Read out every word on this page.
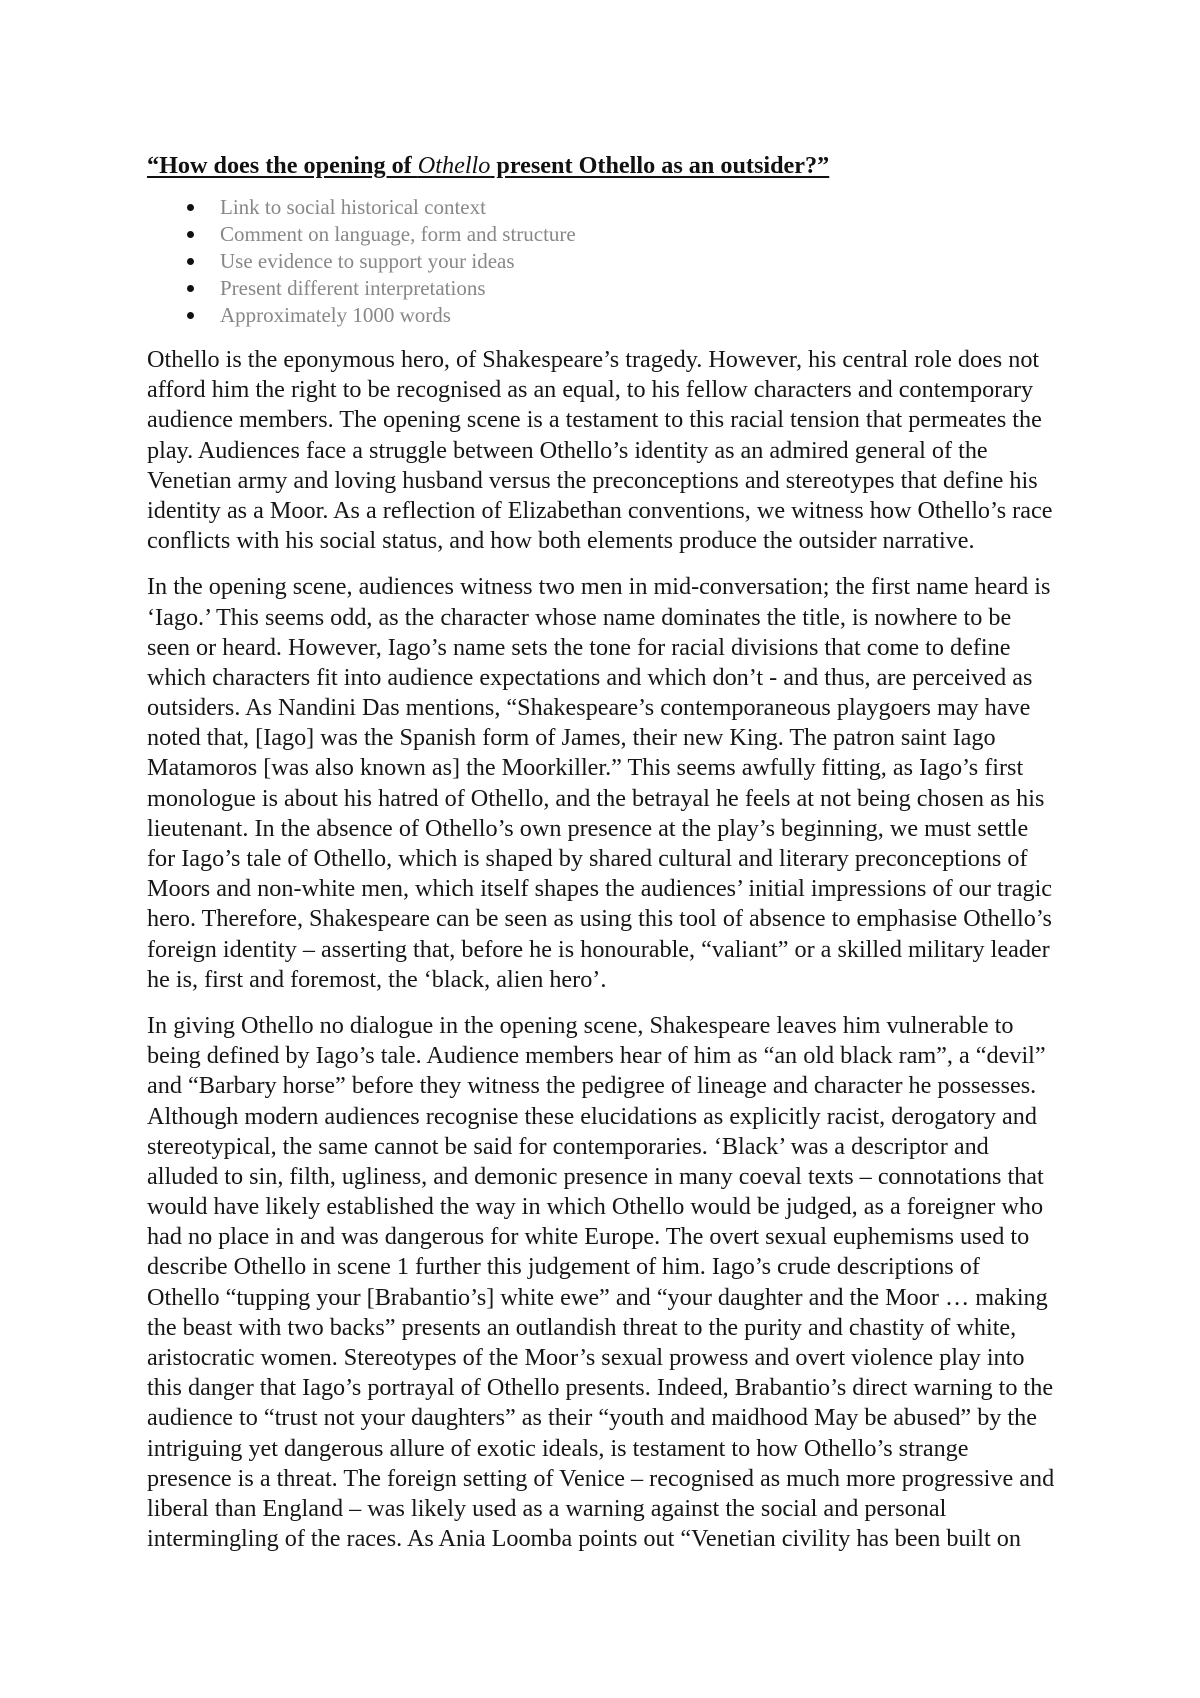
“How does the opening of Othello present Othello as an outsider?”
Link to social historical context
Comment on language, form and structure
Use evidence to support your ideas
Present different interpretations
Approximately 1000 words
Othello is the eponymous hero, of Shakespeare’s tragedy. However, his central role does not
afford him the right to be recognised as an equal, to his fellow characters and contemporary
audience members. The opening scene is a testament to this racial tension that permeates the
play. Audiences face a struggle between Othello’s identity as an admired general of the
Venetian army and loving husband versus the preconceptions and stereotypes that define his
identity as a Moor. As a reflection of Elizabethan conventions, we witness how Othello’s race
conflicts with his social status, and how both elements produce the outsider narrative.
In the opening scene, audiences witness two men in mid-conversation; the first name heard is
‘Iago.’ This seems odd, as the character whose name dominates the title, is nowhere to be
seen or heard. However, Iago’s name sets the tone for racial divisions that come to define
which characters fit into audience expectations and which don’t - and thus, are perceived as
outsiders. As Nandini Das mentions, “Shakespeare’s contemporaneous playgoers may have
noted that, [Iago] was the Spanish form of James, their new King. The patron saint Iago
Matamoros [was also known as] the Moorkiller.” This seems awfully fitting, as Iago’s first
monologue is about his hatred of Othello, and the betrayal he feels at not being chosen as his
lieutenant. In the absence of Othello’s own presence at the play’s beginning, we must settle
for Iago’s tale of Othello, which is shaped by shared cultural and literary preconceptions of
Moors and non-white men, which itself shapes the audiences’ initial impressions of our tragic
hero. Therefore, Shakespeare can be seen as using this tool of absence to emphasise Othello’s
foreign identity – asserting that, before he is honourable, “valiant” or a skilled military leader
he is, first and foremost, the ‘black, alien hero’.
In giving Othello no dialogue in the opening scene, Shakespeare leaves him vulnerable to
being defined by Iago’s tale. Audience members hear of him as “an old black ram”, a “devil”
and “Barbary horse” before they witness the pedigree of lineage and character he possesses.
Although modern audiences recognise these elucidations as explicitly racist, derogatory and
stereotypical, the same cannot be said for contemporaries. ‘Black’ was a descriptor and
alluded to sin, filth, ugliness, and demonic presence in many coeval texts – connotations that
would have likely established the way in which Othello would be judged, as a foreigner who
had no place in and was dangerous for white Europe. The overt sexual euphemisms used to
describe Othello in scene 1 further this judgement of him. Iago’s crude descriptions of
Othello “tupping your [Brabantio’s] white ewe” and “your daughter and the Moor … making
the beast with two backs” presents an outlandish threat to the purity and chastity of white,
aristocratic women. Stereotypes of the Moor’s sexual prowess and overt violence play into
this danger that Iago’s portrayal of Othello presents. Indeed, Brabantio’s direct warning to the
audience to “trust not your daughters” as their “youth and maidhood May be abused” by the
intriguing yet dangerous allure of exotic ideals, is testament to how Othello’s strange
presence is a threat. The foreign setting of Venice – recognised as much more progressive and
liberal than England – was likely used as a warning against the social and personal
intermingling of the races. As Ania Loomba points out “Venetian civility has been built on
